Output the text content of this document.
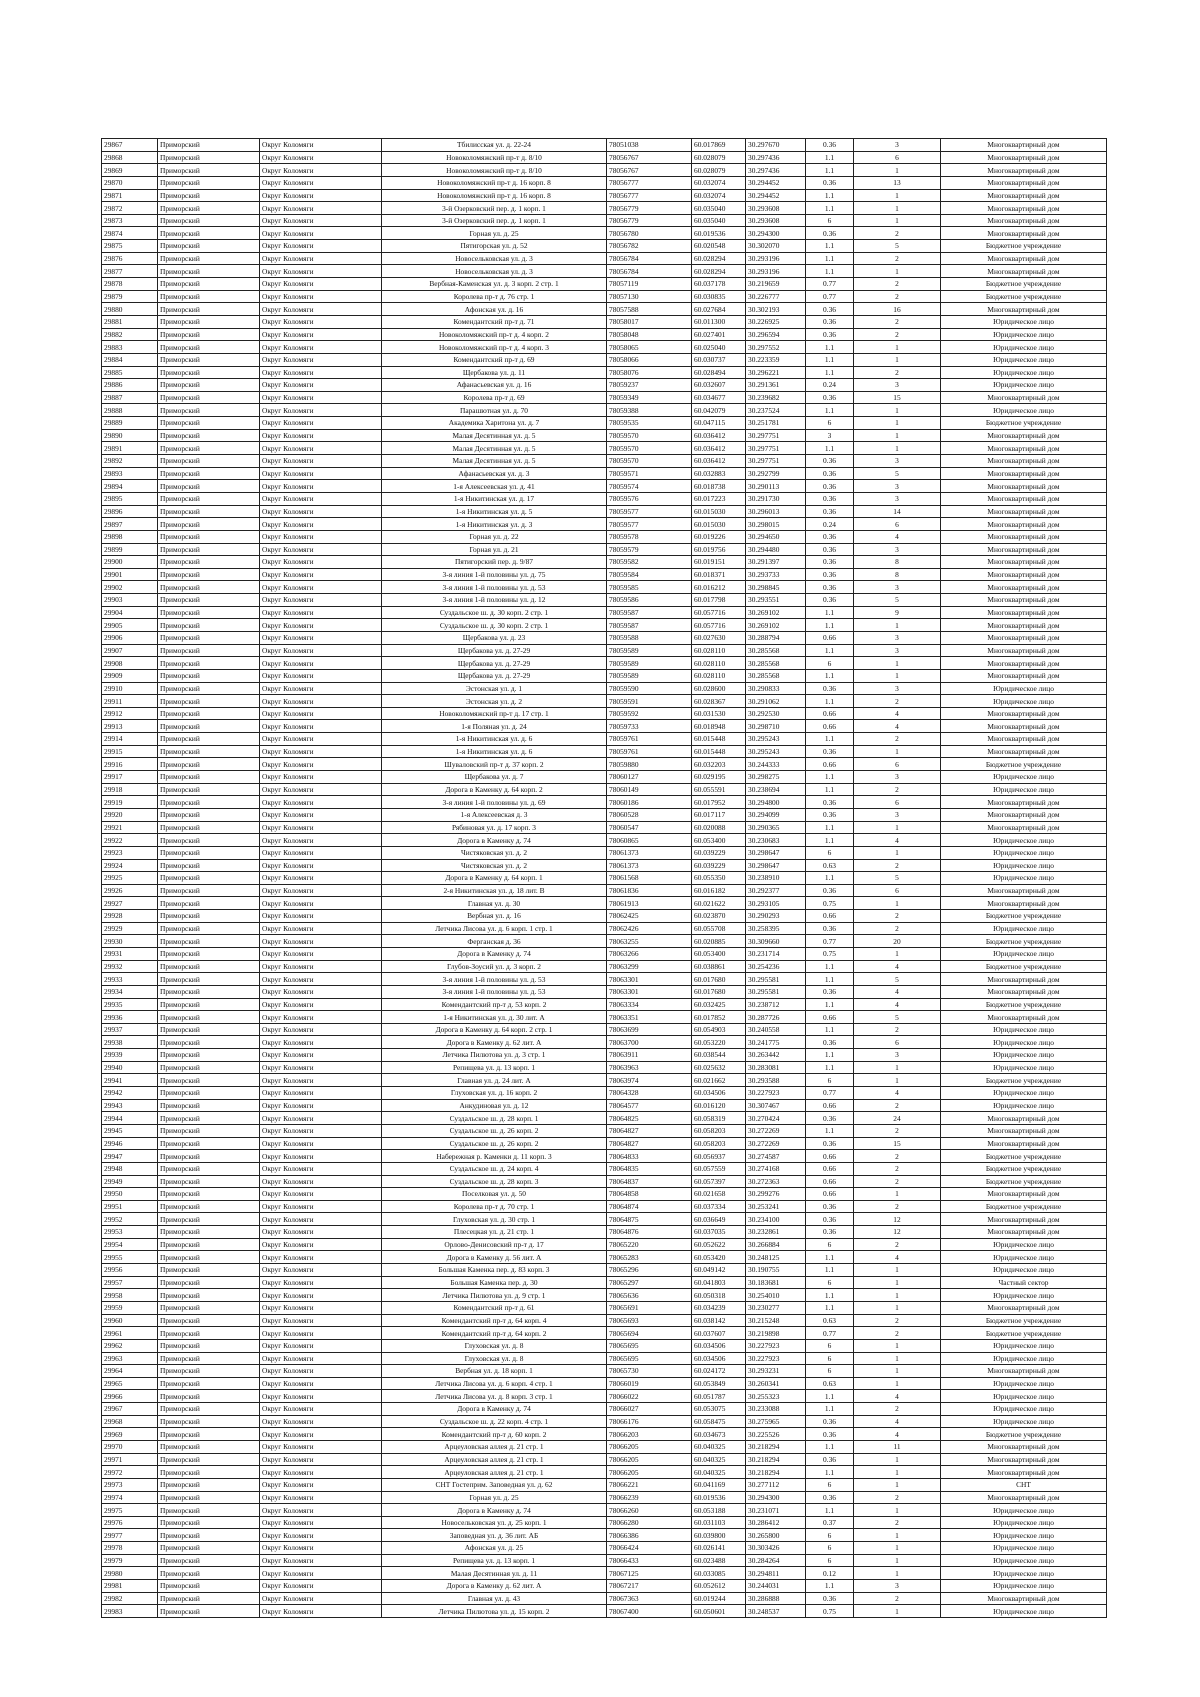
29867	Приморский	Округ Коломяги	Тбилисская ул. д. 22-24	78051038	60.017869	30.297670	0.36	3	Многоквартирный дом
29868	Приморский	Округ Коломяги	Новоколомяжский пр-т д. 8/10	78056767	60.028079	30.297436	1.1	6	Многоквартирный дом
29869	Приморский	Округ Коломяги	Новоколомяжский пр-т д. 8/10	78056767	60.028079	30.297436	1.1	1	Многоквартирный дом
29870	Приморский	Округ Коломяги	Новоколомяжский пр-т д. 16 корп. 8	78056777	60.032074	30.294452	0.36	13	Многоквартирный дом
29871	Приморский	Округ Коломяги	Новоколомяжский пр-т д. 16 корп. 8	78056777	60.032074	30.294452	1.1	1	Многоквартирный дом
29872	Приморский	Округ Коломяги	3-й Озерковский пер. д. 1 корп. 1	78056779	60.035040	30.293608	1.1	1	Многоквартирный дом
29873	Приморский	Округ Коломяги	3-й Озерковский пер. д. 1 корп. 1	78056779	60.035040	30.293608	6	1	Многоквартирный дом
29874	Приморский	Округ Коломяги	Горная ул. д. 25	78056780	60.019536	30.294300	0.36	2	Многоквартирный дом
29875	Приморский	Округ Коломяги	Пятигорская ул. д. 52	78056782	60.020548	30.302070	1.1	5	Бюджетное учреждение
29876	Приморский	Округ Коломяги	Новосельковская ул. д. 3	78056784	60.028294	30.293196	1.1	2	Многоквартирный дом
29877	Приморский	Округ Коломяги	Новосельковская ул. д. 3	78056784	60.028294	30.293196	1.1	1	Многоквартирный дом
29878	Приморский	Округ Коломяги	Вербная-Каменская ул. д. 3 корп. 2 стр. 1	78057119	60.037178	30.219659	0.77	2	Бюджетное учреждение
29879	Приморский	Округ Коломяги	Королева пр-т д. 76 стр. 1	78057130	60.030835	30.226777	0.77	2	Бюджетное учреждение
29880	Приморский	Округ Коломяги	Афонская ул. д. 16	78057588	60.027684	30.302193	0.36	16	Многоквартирный дом
29881	Приморский	Округ Коломяги	Комендантский пр-т д. 71	78058017	60.011300	30.226925	0.36	2	Юридическое лицо
29882	Приморский	Округ Коломяги	Новоколомяжский пр-т д. 4 корп. 2	78058048	60.027401	30.296594	0.36	2	Юридическое лицо
29883	Приморский	Округ Коломяги	Новоколомяжский пр-т д. 4 корп. 3	78058065	60.025040	30.297552	1.1	1	Юридическое лицо
29884	Приморский	Округ Коломяги	Комендантский пр-т д. 69	78058066	60.030737	30.223359	1.1	1	Юридическое лицо
29885	Приморский	Округ Коломяги	Щербакова ул. д. 11	78058076	60.028494	30.296221	1.1	2	Юридическое лицо
29886	Приморский	Округ Коломяги	Афанасьевская ул. д. 16	78059237	60.032607	30.291361	0.24	3	Юридическое лицо
29887	Приморский	Округ Коломяги	Королева пр-т д. 69	78059349	60.034677	30.239682	0.36	15	Многоквартирный дом
29888	Приморский	Округ Коломяги	Парашютная ул. д. 70	78059388	60.042079	30.237524	1.1	1	Юридическое лицо
29889	Приморский	Округ Коломяги	Академика Харитона ул. д. 7	78059535	60.047115	30.251781	6	1	Бюджетное учреждение
29890	Приморский	Округ Коломяги	Малая Десятинная ул. д. 5	78059570	60.036412	30.297751	3	1	Многоквартирный дом
29891	Приморский	Округ Коломяги	Малая Десятинная ул. д. 5	78059570	60.036412	30.297751	1.1	1	Многоквартирный дом
29892	Приморский	Округ Коломяги	Малая Десятинная ул. д. 5	78059570	60.036412	30.297751	0.36	3	Многоквартирный дом
29893	Приморский	Округ Коломяги	Афанасьевская ул. д. 3	78059571	60.032883	30.292799	0.36	5	Многоквартирный дом
29894	Приморский	Округ Коломяги	1-я Алексеевская ул. д. 41	78059574	60.018738	30.290113	0.36	3	Многоквартирный дом
29895	Приморский	Округ Коломяги	1-я Никитинская ул. д. 17	78059576	60.017223	30.291730	0.36	3	Многоквартирный дом
29896	Приморский	Округ Коломяги	1-я Никитинская ул. д. 5	78059577	60.015030	30.296013	0.36	14	Многоквартирный дом
29897	Приморский	Округ Коломяги	1-я Никитинская ул. д. 3	78059577	60.015030	30.298015	0.24	6	Многоквартирный дом
29898	Приморский	Округ Коломяги	Горная ул. д. 22	78059578	60.019226	30.294650	0.36	4	Многоквартирный дом
29899	Приморский	Округ Коломяги	Горная ул. д. 21	78059579	60.019756	30.294480	0.36	3	Многоквартирный дом
29900	Приморский	Округ Коломяги	Пятигорский пер. д. 9/87	78059582	60.019151	30.291397	0.36	8	Многоквартирный дом
29901	Приморский	Округ Коломяги	3-я линия 1-й половины ул. д. 75	78059584	60.018371	30.293733	0.36	8	Многоквартирный дом
29902	Приморский	Округ Коломяги	3-я линия 1-й половины ул. д. 53	78059585	60.016212	30.298845	0.36	3	Многоквартирный дом
29903	Приморский	Округ Коломяги	3-я линия 1-й половины ул. д. 12	78059586	60.017798	30.293551	0.36	5	Многоквартирный дом
29904	Приморский	Округ Коломяги	Суздальское ш. д. 30 корп. 2 стр. 1	78059587	60.057716	30.269102	1.1	9	Многоквартирный дом
29905	Приморский	Округ Коломяги	Суздальское ш. д. 30 корп. 2 стр. 1	78059587	60.057716	30.269102	1.1	1	Многоквартирный дом
29906	Приморский	Округ Коломяги	Щербакова ул. д. 23	78059588	60.027630	30.288794	0.66	3	Многоквартирный дом
29907	Приморский	Округ Коломяги	Щербакова ул. д. 27-29	78059589	60.028110	30.285568	1.1	3	Многоквартирный дом
29908	Приморский	Округ Коломяги	Щербакова ул. д. 27-29	78059589	60.028110	30.285568	6	1	Многоквартирный дом
29909	Приморский	Округ Коломяги	Щербакова ул. д. 27-29	78059589	60.028110	30.285568	1.1	1	Многоквартирный дом
29910	Приморский	Округ Коломяги	Эстонская ул. д. 1	78059590	60.028600	30.290833	0.36	3	Юридическое лицо
29911	Приморский	Округ Коломяги	Эстонская ул. д. 2	78059591	60.028367	30.291062	1.1	2	Юридическое лицо
29912	Приморский	Округ Коломяги	Новоколомяжский пр-т д. 17 стр. 1	78059592	60.031530	30.292530	0.66	4	Многоквартирный дом
29913	Приморский	Округ Коломяги	1-я Поляная ул. д. 24	78059733	60.018948	30.298710	0.66	4	Многоквартирный дом
29914	Приморский	Округ Коломяги	1-я Никитинская ул. д. 6	78059761	60.015448	30.295243	1.1	2	Многоквартирный дом
29915	Приморский	Округ Коломяги	1-я Никитинская ул. д. 6	78059761	60.015448	30.295243	0.36	1	Многоквартирный дом
29916	Приморский	Округ Коломяги	Шуваловский пр-т д. 37 корп. 2	78059880	60.032203	30.244333	0.66	6	Бюджетное учреждение
29917	Приморский	Округ Коломяги	Щербакова ул. д. 7	78060127	60.029195	30.298275	1.1	3	Юридическое лицо
29918	Приморский	Округ Коломяги	Дорога в Каменку д. 64 корп. 2	78060149	60.055591	30.238694	1.1	2	Юридическое лицо
29919	Приморский	Округ Коломяги	3-я линия 1-й половины ул. д. 69	78060186	60.017952	30.294800	0.36	6	Многоквартирный дом
29920	Приморский	Округ Коломяги	1-я Алексеевская д. 3	78060528	60.017117	30.294099	0.36	3	Многоквартирный дом
29921	Приморский	Округ Коломяги	Рябиновая ул. д. 17 корп. 3	78060547	60.020088	30.290365	1.1	1	Многоквартирный дом
29922	Приморский	Округ Коломяги	Дорога в Каменку д. 74	78060865	60.053400	30.230683	1.1	4	Юридическое лицо
29923	Приморский	Округ Коломяги	Чистяковская ул. д. 2	78061373	60.039229	30.298647	6	1	Юридическое лицо
29924	Приморский	Округ Коломяги	Чистяковская ул. д. 2	78061373	60.039229	30.298647	0.63	2	Юридическое лицо
29925	Приморский	Округ Коломяги	Дорога в Каменку д. 64 корп. 1	78061568	60.055350	30.238910	1.1	5	Юридическое лицо
29926	Приморский	Округ Коломяги	2-я Никитинская ул. д. 18 лит. В	78061836	60.016182	30.292377	0.36	6	Многоквартирный дом
29927	Приморский	Округ Коломяги	Главная ул. д. 30	78061913	60.021622	30.293105	0.75	1	Многоквартирный дом
29928	Приморский	Округ Коломяги	Вербная ул. д. 16	78062425	60.023870	30.290293	0.66	2	Бюджетное учреждение
29929	Приморский	Округ Коломяги	Летчика Лисова ул. д. 6 корп. 1 стр. 1	78062426	60.055708	30.258395	0.36	2	Юридическое лицо
29930	Приморский	Округ Коломяги	Ферганская д. 36	78063255	60.020885	30.309660	0.77	20	Бюджетное учреждение
29931	Приморский	Округ Коломяги	Дорога в Каменку д. 74	78063266	60.053400	30.231714	0.75	1	Юридическое лицо
29932	Приморский	Округ Коломяги	Глубов-Зоусий ул. д. 3 корп. 2	78063299	60.038861	30.254236	1.1	4	Бюджетное учреждение
29933	Приморский	Округ Коломяги	3-я линия 1-й половины ул. д. 53	78063301	60.017680	30.295581	1.1	5	Многоквартирный дом
29934	Приморский	Округ Коломяги	3-я линия 1-й половины ул. д. 53	78063301	60.017680	30.295581	0.36	4	Многоквартирный дом
29935	Приморский	Округ Коломяги	Комендантский пр-т д. 53 корп. 2	78063334	60.032425	30.238712	1.1	4	Бюджетное учреждение
29936	Приморский	Округ Коломяги	1-я Никитинская ул. д. 30 лит. А	78063351	60.017852	30.287726	0.66	5	Многоквартирный дом
29937	Приморский	Округ Коломяги	Дорога в Каменку д. 64 корп. 2 стр. 1	78063699	60.054903	30.240558	1.1	2	Юридическое лицо
29938	Приморский	Округ Коломяги	Дорога в Каменку д. 62 лит. А	78063700	60.053220	30.241775	0.36	6	Юридическое лицо
29939	Приморский	Округ Коломяги	Летчика Пилютова ул. д. 3 стр. 1	78063911	60.038544	30.263442	1.1	3	Юридическое лицо
29940	Приморский	Округ Коломяги	Репищева ул. д. 13 корп. 1	78063963	60.025632	30.283081	1.1	1	Юридическое лицо
29941	Приморский	Округ Коломяги	Главная ул. д. 24 лит. А	78063974	60.021662	30.293588	6	1	Бюджетное учреждение
29942	Приморский	Округ Коломяги	Глуховская ул. д. 16 корп. 2	78064328	60.034506	30.227923	0.77	4	Юридическое лицо
29943	Приморский	Округ Коломяги	Анкудиновая ул. д. 12	78064577	60.016120	30.307467	0.66	2	Юридическое лицо
29944	Приморский	Округ Коломяги	Суздальское ш. д. 28 корп. 1	78064825	60.058319	30.270424	0.36	24	Многоквартирный дом
29945	Приморский	Округ Коломяги	Суздальское ш. д. 26 корп. 2	78064827	60.058203	30.272269	1.1	2	Многоквартирный дом
29946	Приморский	Округ Коломяги	Суздальское ш. д. 26 корп. 2	78064827	60.058203	30.272269	0.36	15	Многоквартирный дом
29947	Приморский	Округ Коломяги	Набережная р. Каменки д. 11 корп. 3	78064833	60.056937	30.274587	0.66	2	Бюджетное учреждение
29948	Приморский	Округ Коломяги	Суздальское ш. д. 24 корп. 4	78064835	60.057559	30.274168	0.66	2	Бюджетное учреждение
29949	Приморский	Округ Коломяги	Суздальское ш. д. 28 корп. 3	78064837	60.057397	30.272363	0.66	2	Бюджетное учреждение
29950	Приморский	Округ Коломяги	Поселковая ул. д. 50	78064858	60.021658	30.299276	0.66	1	Многоквартирный дом
29951	Приморский	Округ Коломяги	Королева пр-т д. 70 стр. 1	78064874	60.037334	30.253241	0.36	2	Бюджетное учреждение
29952	Приморский	Округ Коломяги	Глуховская ул. д. 30 стр. 1	78064875	60.036649	30.234100	0.36	12	Многоквартирный дом
29953	Приморский	Округ Коломяги	Плесецкая ул. д. 21 стр. 1	78064876	60.037035	30.232861	0.36	12	Многоквартирный дом
29954	Приморский	Округ Коломяги	Орлово-Денисовский пр-т д. 17	78065220	60.052622	30.266884	6	2	Юридическое лицо
29955	Приморский	Округ Коломяги	Дорога в Каменку д. 56 лит. А	78065283	60.053420	30.248125	1.1	4	Юридическое лицо
29956	Приморский	Округ Коломяги	Большая Каменка пер. д. 83 корп. 3	78065296	60.049142	30.190755	1.1	1	Юридическое лицо
29957	Приморский	Округ Коломяги	Большая Каменка пер. д. 30	78065297	60.041803	30.183681	6	1	Частный сектор
29958	Приморский	Округ Коломяги	Летчика Пилютова ул. д. 9 стр. 1	78065636	60.050318	30.254010	1.1	1	Юридическое лицо
29959	Приморский	Округ Коломяги	Комендантский пр-т д. 61	78065691	60.034239	30.230277	1.1	1	Многоквартирный дом
29960	Приморский	Округ Коломяги	Комендантский пр-т д. 64 корп. 4	78065693	60.038142	30.215248	0.63	2	Бюджетное учреждение
29961	Приморский	Округ Коломяги	Комендантский пр-т д. 64 корп. 2	78065694	60.037607	30.219898	0.77	2	Бюджетное учреждение
29962	Приморский	Округ Коломяги	Глуховская ул. д. 8	78065695	60.034506	30.227923	6	1	Юридическое лицо
29963	Приморский	Округ Коломяги	Глуховская ул. д. 8	78065695	60.034506	30.227923	6	1	Юридическое лицо
29964	Приморский	Округ Коломяги	Вербная ул. д. 18 корп. 1	78065730	60.024172	30.293231	6	1	Многоквартирный дом
29965	Приморский	Округ Коломяги	Летчика Лисова ул. д. 6 корп. 4 стр. 1	78066019	60.053849	30.260341	0.63	1	Юридическое лицо
29966	Приморский	Округ Коломяги	Летчика Лисова ул. д. 8 корп. 3 стр. 1	78066022	60.051787	30.255323	1.1	4	Юридическое лицо
29967	Приморский	Округ Коломяги	Дорога в Каменку д. 74	78066027	60.053075	30.233088	1.1	2	Юридическое лицо
29968	Приморский	Округ Коломяги	Суздальское ш. д. 22 корп. 4 стр. 1	78066176	60.058475	30.275965	0.36	4	Юридическое лицо
29969	Приморский	Округ Коломяги	Комендантский пр-т д. 60 корп. 2	78066203	60.034673	30.225526	0.36	4	Бюджетное учреждение
29970	Приморский	Округ Коломяги	Арцеуловская аллея д. 21 стр. 1	78066205	60.040325	30.218294	1.1	11	Многоквартирный дом
29971	Приморский	Округ Коломяги	Арцеуловская аллея д. 21 стр. 1	78066205	60.040325	30.218294	0.36	1	Многоквартирный дом
29972	Приморский	Округ Коломяги	Арцеуловская аллея д. 21 стр. 1	78066205	60.040325	30.218294	1.1	1	Многоквартирный дом
29973	Приморский	Округ Коломяги	СНТ Гостеприм. Заповедная ул. д. 62	78066221	60.041169	30.277112	6	1	СНТ
29974	Приморский	Округ Коломяги	Горная ул. д. 25	78066239	60.019536	30.294300	0.36	2	Многоквартирный дом
29975	Приморский	Округ Коломяги	Дорога в Каменку д. 74	78066260	60.053188	30.231071	1.1	1	Юридическое лицо
29976	Приморский	Округ Коломяги	Новосельковская ул. д. 25 корп. 1	78066280	60.031103	30.286412	0.37	2	Юридическое лицо
29977	Приморский	Округ Коломяги	Заповедная ул. д. 36 лит. АБ	78066386	60.039800	30.265800	6	1	Юридическое лицо
29978	Приморский	Округ Коломяги	Афонская ул. д. 25	78066424	60.026141	30.303426	6	1	Юридическое лицо
29979	Приморский	Округ Коломяги	Репищева ул. д. 13 корп. 1	78066433	60.023488	30.284264	6	1	Юридическое лицо
29980	Приморский	Округ Коломяги	Малая Десятинная ул. д. 11	78067125	60.033085	30.294811	0.12	1	Юридическое лицо
29981	Приморский	Округ Коломяги	Дорога в Каменку д. 62 лит. А	78067217	60.052612	30.244031	1.1	3	Юридическое лицо
29982	Приморский	Округ Коломяги	Главная ул. д. 43	78067363	60.019244	30.286888	0.36	2	Многоквартирный дом
29983	Приморский	Округ Коломяги	Летчика Пилютова ул. д. 15 корп. 2	78067400	60.050601	30.248537	0.75	1	Юридическое лицо
